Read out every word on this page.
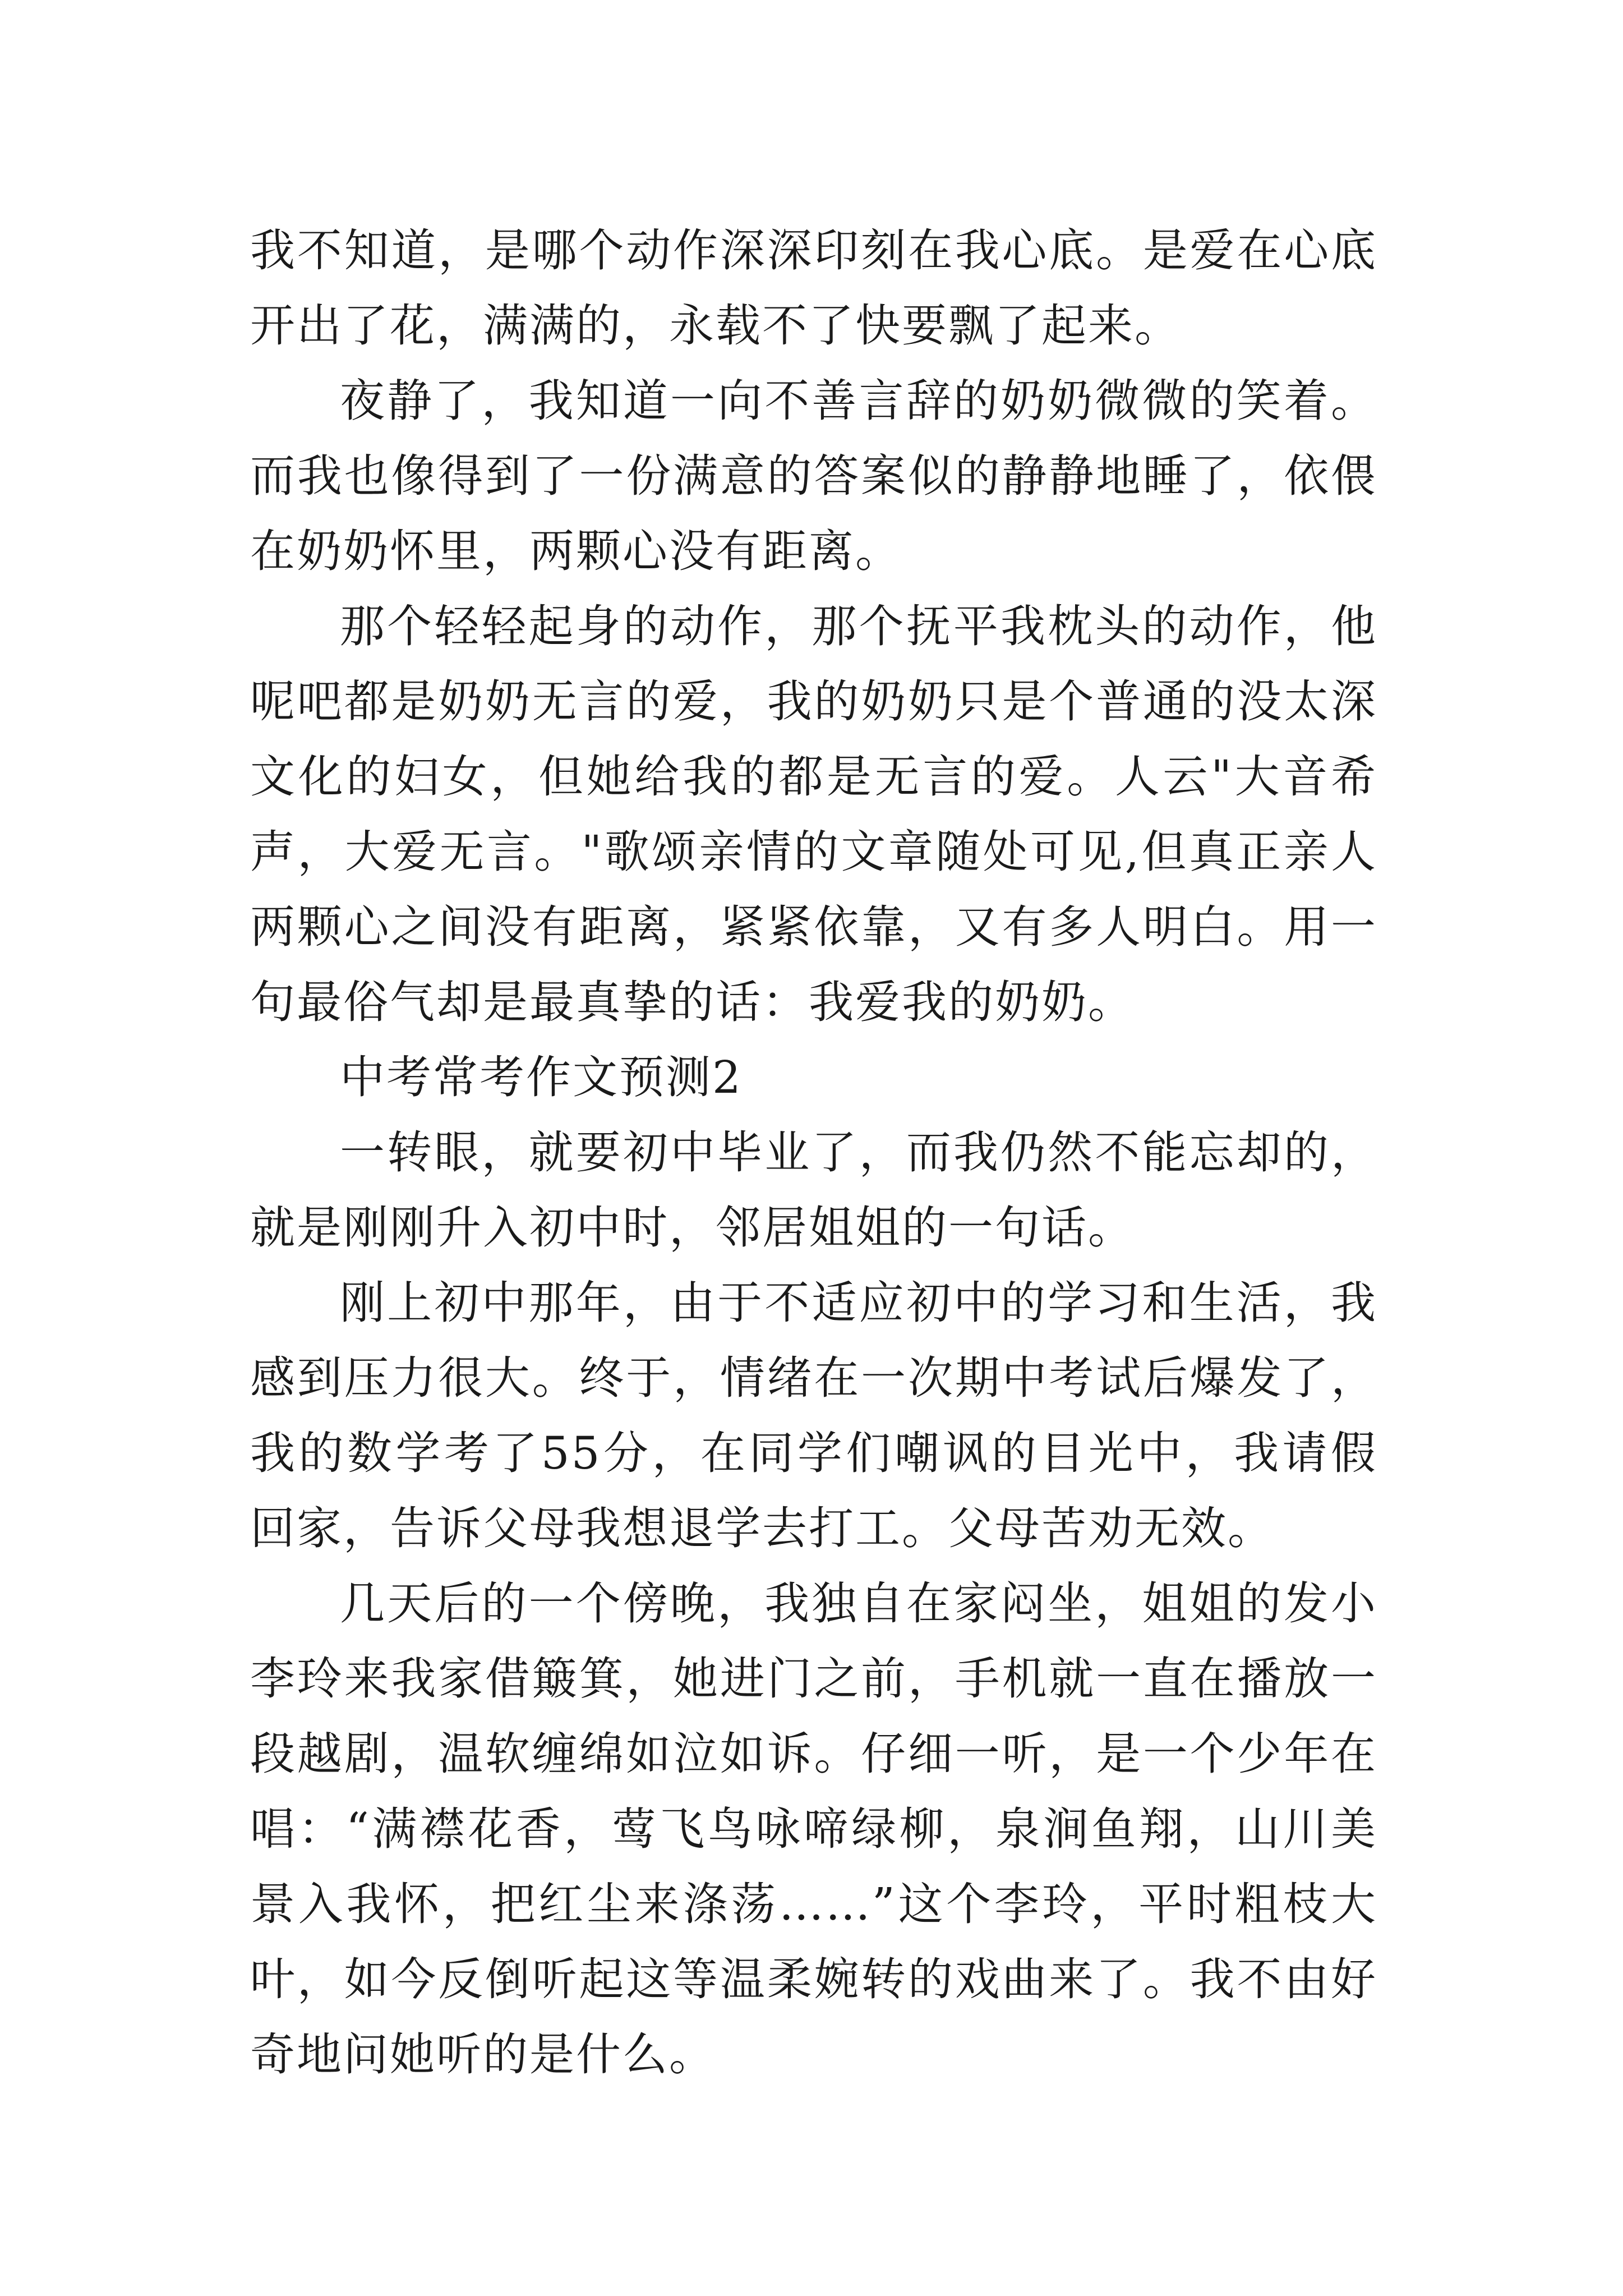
我不知道，是哪个动作深深印刻在我心底。是爱在心底开出了花，满满的，永载不了快要飘了起来。

夜静了，我知道一向不善言辞的奶奶微微的笑着。而我也像得到了一份满意的答案似的静静地睡了，依偎在奶奶怀里，两颗心没有距离。

那个轻轻起身的动作，那个抚平我枕头的动作，他呢吧都是奶奶无言的爱，我的奶奶只是个普通的没太深文化的妇女，但她给我的都是无言的爱。人云"大音希声，大爱无言。"歌颂亲情的文章随处可见,但真正亲人两颗心之间没有距离，紧紧依靠，又有多人明白。用一句最俗气却是最真挚的话：我爱我的奶奶。

中考常考作文预测2

一转眼，就要初中毕业了，而我仍然不能忘却的，就是刚刚升入初中时，邻居姐姐的一句话。

刚上初中那年，由于不适应初中的学习和生活，我感到压力很大。终于，情绪在一次期中考试后爆发了，我的数学考了55分，在同学们嘲讽的目光中，我请假回家，告诉父母我想退学去打工。父母苦劝无效。

几天后的一个傍晚，我独自在家闷坐，姐姐的发小李玲来我家借簸箕，她进门之前，手机就一直在播放一段越剧，温软缠绵如泣如诉。仔细一听，是一个少年在唱：“满襟花香，莺飞鸟咏啼绿柳，泉涧鱼翔，山川美景入我怀，把红尘来涤荡……”这个李玲，平时粗枝大叶，如今反倒听起这等温柔婉转的戏曲来了。我不由好奇地问她听的是什么。
